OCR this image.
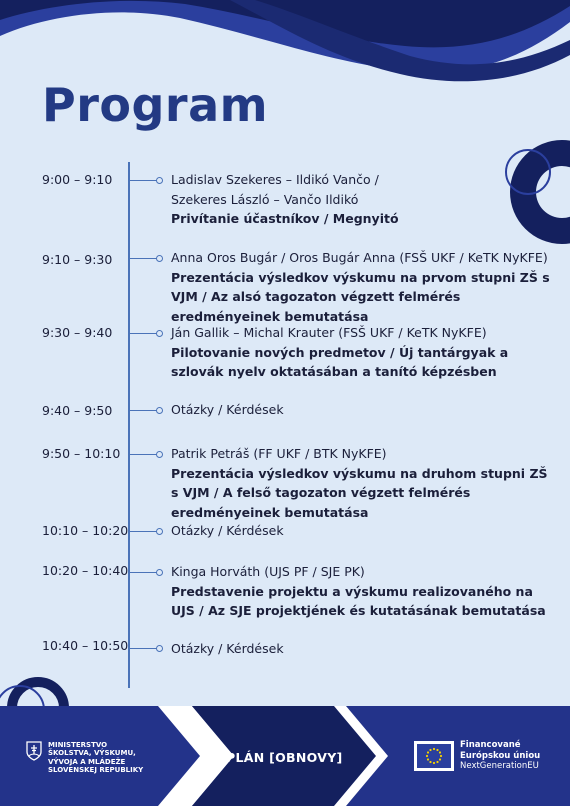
Program
9:00 – 9:10	Ladislav Szekeres – Ildikó Vančo / Szekeres László – Vančo Ildikó
Privítanie účastníkov / Megnyitó
9:10 – 9:30	Anna Oros Bugár / Oros Bugár Anna (FSŠ UKF / KeTK NyKFE)
Prezentácia výsledkov výskumu na prvom stupni ZŠ s VJM / Az alsó tagozaton végzett felmérés eredményeinek bemutatása
9:30 – 9:40	Ján Gallik – Michal Krauter (FSŠ UKF / KeTK NyKFE)
Pilotovanie nových predmetov / Új tantárgyak a szlovák nyelv oktatásában a tanító képzésben
9:40 – 9:50	Otázky / Kérdések
9:50 – 10:10	Patrik Petráš (FF UKF / BTK NyKFE)
Prezentácia výsledkov výskumu na druhom stupni ZŠ s VJM / A felső tagozaton végzett felmérés eredményeinek bemutatása
10:10 – 10:20	Otázky / Kérdések
10:20 – 10:40	Kinga Horváth (UJS PF / SJE PK)
Predstavenie projektu a výskumu realizovaného na UJS / Az SJE projektjének és kutatásának bemutatása
10:40 – 10:50	Otázky / Kérdések
MINISTERSTVO
ŠKOLSTVA, VÝSKUMU,
VÝVOJA A MLÁDEŽE
SLOVENSKEJ REPUBLIKY
PLÁN [OBNOVY]
Financované
Európskou úniou
NextGenerationEU
